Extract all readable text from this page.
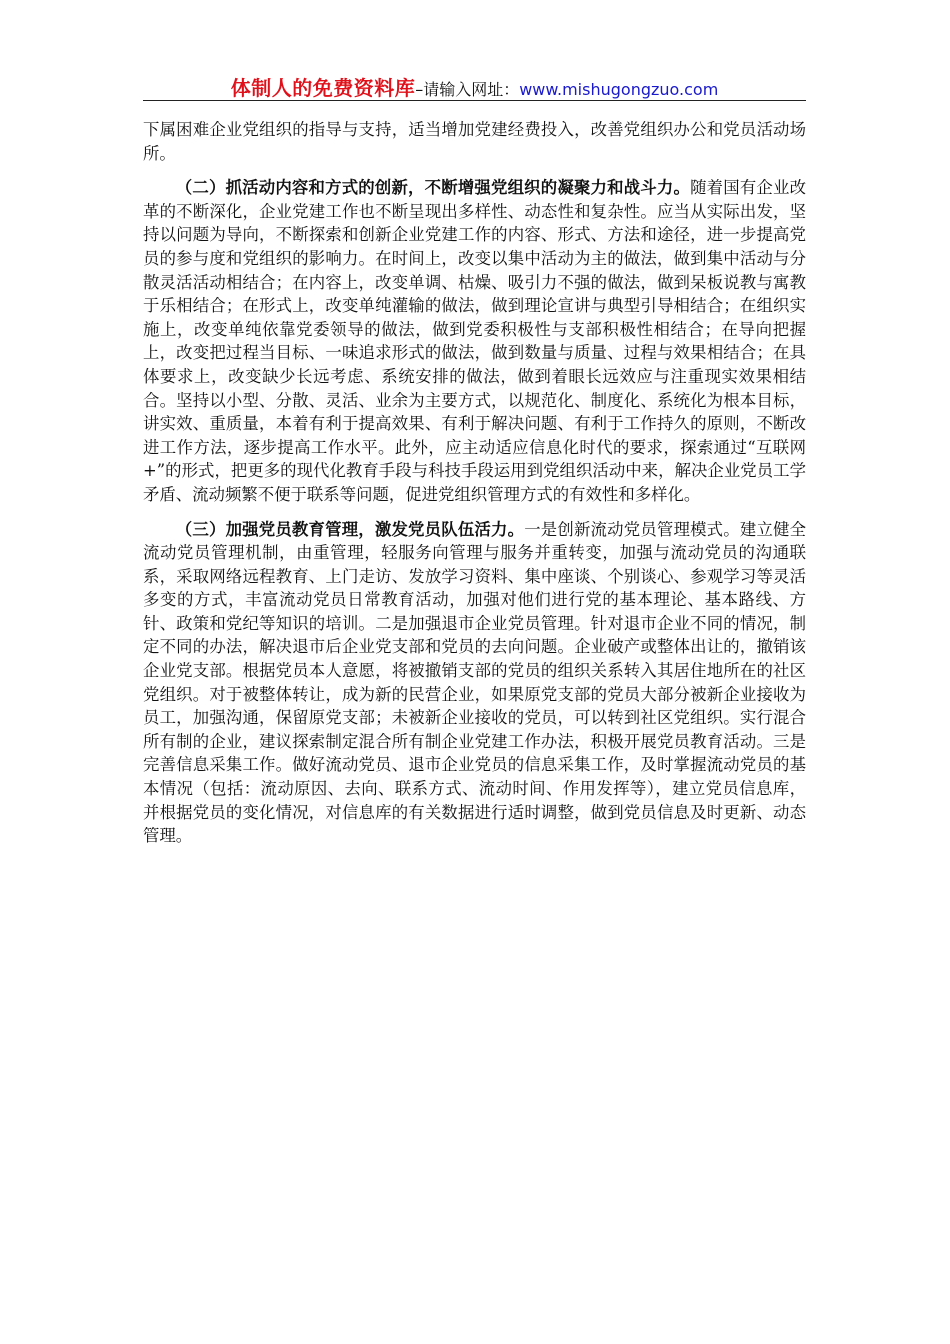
体制人的免费资料库–请输入网址：www.mishugongzuo.com

下属困难企业党组织的指导与支持，适当增加党建经费投入，改善党组织办公和党员活动场所。

（二）抓活动内容和方式的创新，不断增强党组织的凝聚力和战斗力。随着国有企业改革的不断深化，企业党建工作也不断呈现出多样性、动态性和复杂性。应当从实际出发，坚持以问题为导向，不断探索和创新企业党建工作的内容、形式、方法和途径，进一步提高党员的参与度和党组织的影响力。在时间上，改变以集中活动为主的做法，做到集中活动与分散灵活活动相结合；在内容上，改变单调、枯燥、吸引力不强的做法，做到呆板说教与寓教于乐相结合；在形式上，改变单纯灌输的做法，做到理论宣讲与典型引导相结合；在组织实施上，改变单纯依靠党委领导的做法，做到党委积极性与支部积极性相结合；在导向把握上，改变把过程当目标、一味追求形式的做法，做到数量与质量、过程与效果相结合；在具体要求上，改变缺少长远考虑、系统安排的做法，做到着眼长远效应与注重现实效果相结合。坚持以小型、分散、灵活、业余为主要方式，以规范化、制度化、系统化为根本目标，讲实效、重质量，本着有利于提高效果、有利于解决问题、有利于工作持久的原则，不断改进工作方法，逐步提高工作水平。此外，应主动适应信息化时代的要求，探索通过“互联网+”的形式，把更多的现代化教育手段与科技手段运用到党组织活动中来，解决企业党员工学矛盾、流动频繁不便于联系等问题，促进党组织管理方式的有效性和多样化。

（三）加强党员教育管理，激发党员队伍活力。一是创新流动党员管理模式。建立健全流动党员管理机制，由重管理，轻服务向管理与服务并重转变，加强与流动党员的沟通联系，采取网络远程教育、上门走访、发放学习资料、集中座谈、个别谈心、参观学习等灵活多变的方式，丰富流动党员日常教育活动，加强对他们进行党的基本理论、基本路线、方针、政策和党纪等知识的培训。二是加强退市企业党员管理。针对退市企业不同的情况，制定不同的办法，解决退市后企业党支部和党员的去向问题。企业破产或整体出让的，撤销该企业党支部。根据党员本人意愿，将被撤销支部的党员的组织关系转入其居住地所在的社区党组织。对于被整体转让，成为新的民营企业，如果原党支部的党员大部分被新企业接收为员工，加强沟通，保留原党支部；未被新企业接收的党员，可以转到社区党组织。实行混合所有制的企业，建议探索制定混合所有制企业党建工作办法，积极开展党员教育活动。三是完善信息采集工作。做好流动党员、退市企业党员的信息采集工作，及时掌握流动党员的基本情况（包括：流动原因、去向、联系方式、流动时间、作用发挥等），建立党员信息库，并根据党员的变化情况，对信息库的有关数据进行适时调整，做到党员信息及时更新、动态管理。
